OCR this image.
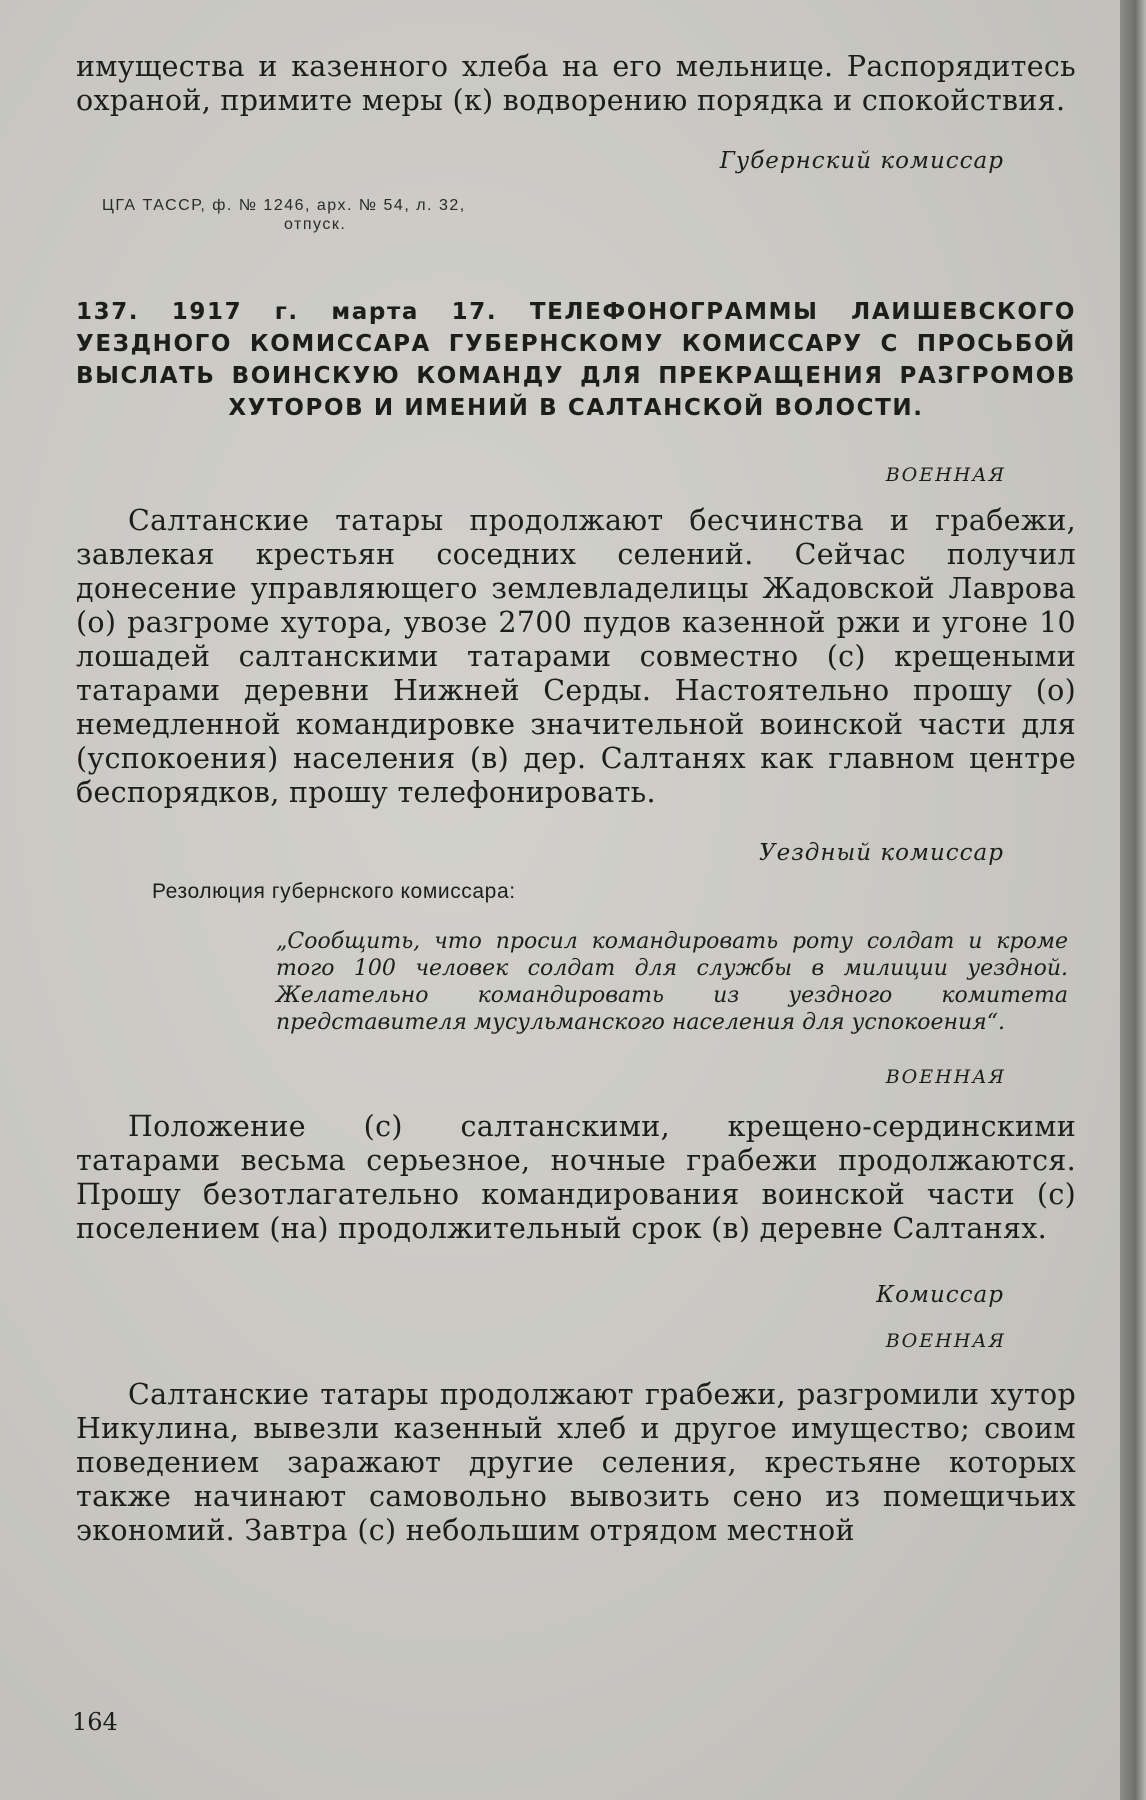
имущества и казенного хлеба на его мельнице. Распорядитесь охраной, примите меры (к) водворению порядка и спокойствия.

Губернский комиссар

ЦГА ТАССР, ф. № 1246, арх. № 54, л. 32,
отпуск.

137. 1917 г. марта 17. ТЕЛЕФОНОГРАММЫ ЛАИШЕВСКОГО УЕЗДНОГО КОМИССАРА ГУБЕРНСКОМУ КОМИССАРУ С ПРОСЬБОЙ ВЫСЛАТЬ ВОИНСКУЮ КОМАНДУ ДЛЯ ПРЕКРАЩЕНИЯ РАЗГРОМОВ ХУТОРОВ И ИМЕНИЙ В САЛТАНСКОЙ ВОЛОСТИ.

ВОЕННАЯ

Салтанские татары продолжают бесчинства и грабежи, завлекая крестьян соседних селений. Сейчас получил донесение управляющего землевладелицы Жадовской Лаврова (о) разгроме хутора, увозе 2700 пудов казенной ржи и угоне 10 лошадей салтанскими татарами совместно (с) крещеными татарами деревни Нижней Серды. Настоятельно прошу (о) немедленной командировке значительной воинской части для (успокоения) населения (в) дер. Салтанях как главном центре беспорядков, прошу телефонировать.

Уездный комиссар

Резолюция губернского комиссара:

„Сообщить, что просил командировать роту солдат и кроме того 100 человек солдат для службы в милиции уездной. Желательно командировать из уездного комитета представителя мусульманского населения для успокоения“.

ВОЕННАЯ

Положение (с) салтанскими, крещено-сердинскими татарами весьма серьезное, ночные грабежи продолжаются. Прошу безотлагательно командирования воинской части (с) поселением (на) продолжительный срок (в) деревне Салтанях.

Комиссар

ВОЕННАЯ

Салтанские татары продолжают грабежи, разгромили хутор Никулина, вывезли казенный хлеб и другое имущество; своим поведением заражают другие селения, крестьяне которых также начинают самовольно вывозить сено из помещичьих экономий. Завтра (с) небольшим отрядом местной

164
